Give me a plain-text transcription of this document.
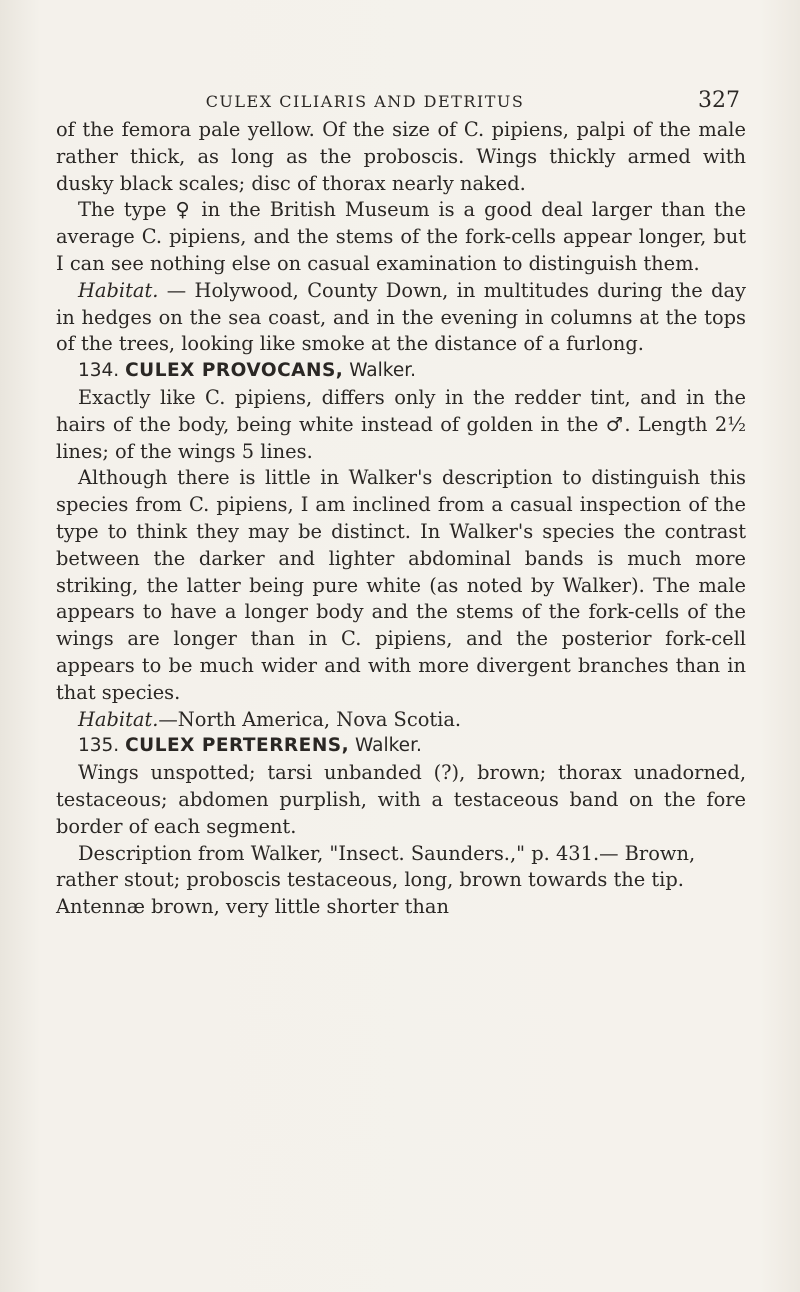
CULEX CILIARIS AND DETRITUS	327

of the femora pale yellow. Of the size of C. pipiens, palpi of the male rather thick, as long as the proboscis. Wings thickly armed with dusky black scales; disc of thorax nearly naked.

The type ♀ in the British Museum is a good deal larger than the average C. pipiens, and the stems of the fork-cells appear longer, but I can see nothing else on casual examination to distinguish them.

Habitat. — Holywood, County Down, in multitudes during the day in hedges on the sea coast, and in the evening in columns at the tops of the trees, looking like smoke at the distance of a furlong.

134. CULEX PROVOCANS, Walker.

Exactly like C. pipiens, differs only in the redder tint, and in the hairs of the body, being white instead of golden in the ♂. Length 2½ lines; of the wings 5 lines.

Although there is little in Walker's description to distinguish this species from C. pipiens, I am inclined from a casual inspection of the type to think they may be distinct. In Walker's species the contrast between the darker and lighter abdominal bands is much more striking, the latter being pure white (as noted by Walker). The male appears to have a longer body and the stems of the fork-cells of the wings are longer than in C. pipiens, and the posterior fork-cell appears to be much wider and with more divergent branches than in that species.

Habitat.—North America, Nova Scotia.

135. CULEX PERTERRENS, Walker.

Wings unspotted; tarsi unbanded (?), brown; thorax unadorned, testaceous; abdomen purplish, with a testaceous band on the fore border of each segment.

Description from Walker, "Insect. Saunders.," p. 431.— Brown, rather stout; proboscis testaceous, long, brown towards the tip. Antennæ brown, very little shorter than
